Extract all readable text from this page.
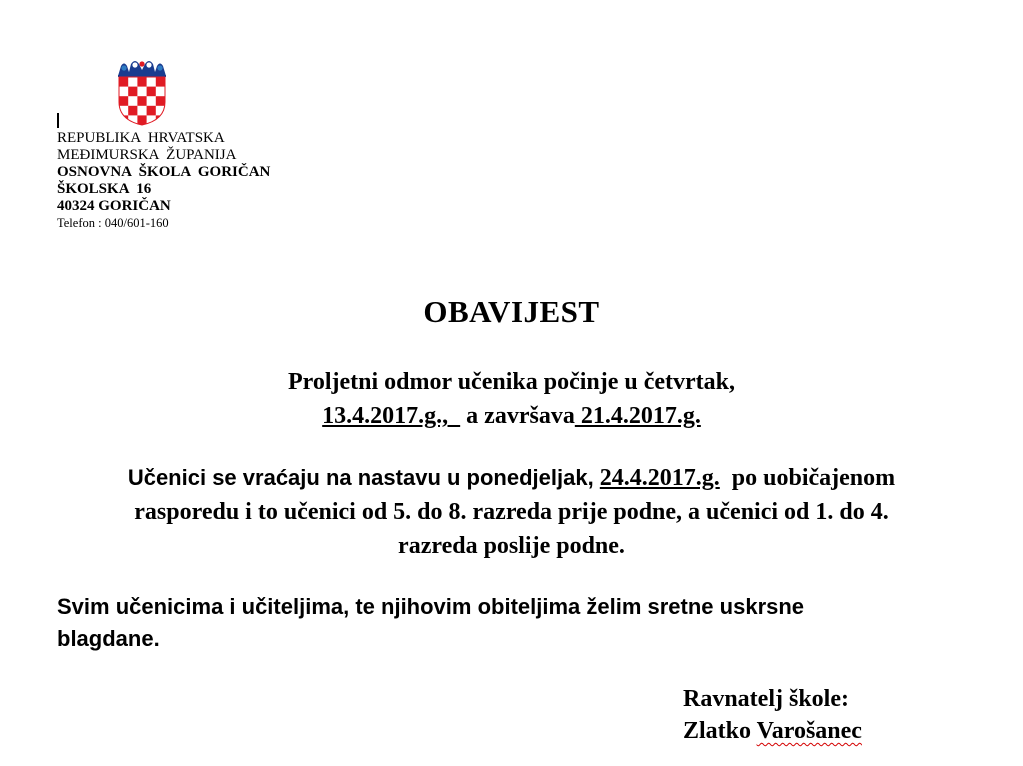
REPUBLIKA  HRVATSKA
MEĐIMURSKA  ŽUPANIJA
OSNOVNA  ŠKOLA  GORIČAN
ŠKOLSKA  16
40324 GORIČAN
Telefon : 040/601-160
OBAVIJEST
Proljetni odmor učenika počinje u četvrtak,
13.4.2017.g.,   a završava 21.4.2017.g.
Učenici se vraćaju na nastavu u ponedjeljak, 24.4.2017.g.  po uobičajenom
rasporedu i to učenici od 5. do 8. razreda prije podne, a učenici od 1. do 4.
razreda poslije podne.
Svim učenicima i učiteljima, te njihovim obiteljima želim sretne uskrsne
blagdane.
Ravnatelj škole:
Zlatko Varošanec
